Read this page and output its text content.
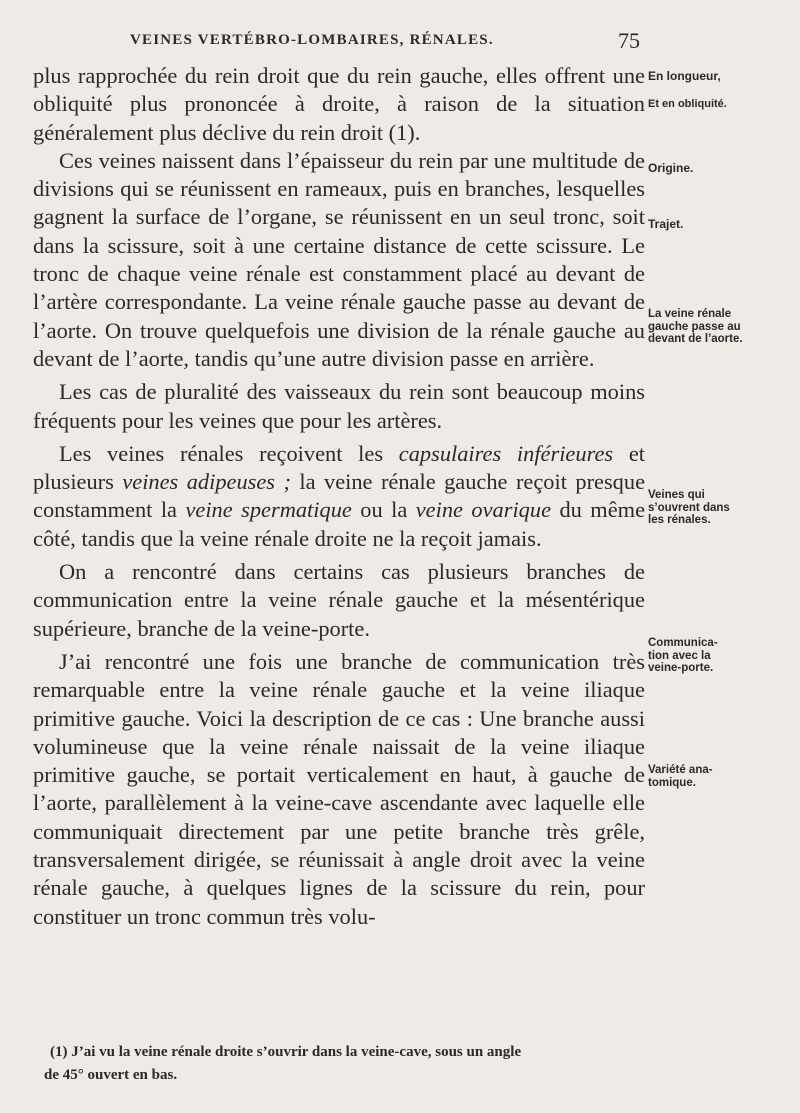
VEINES VERTÉBRO-LOMBAIRES, RÉNALES.	75

plus rapprochée du rein droit que du rein gauche, elles offrent une obliquité plus prononcée à droite, à raison de la situation généralement plus déclive du rein droit (1).

Ces veines naissent dans l’épaisseur du rein par une multitude de divisions qui se réunissent en rameaux, puis en branches, lesquelles gagnent la surface de l’organe, se réunissent en un seul tronc, soit dans la scissure, soit à une certaine distance de cette scissure. Le tronc de chaque veine rénale est constamment placé au devant de l’artère correspondante. La veine rénale gauche passe au devant de l’aorte. On trouve quelquefois une division de la rénale gauche au devant de l’aorte, tandis qu’une autre division passe en arrière.

Les cas de pluralité des vaisseaux du rein sont beaucoup moins fréquents pour les veines que pour les artères.

Les veines rénales reçoivent les capsulaires inférieures et plusieurs veines adipeuses ; la veine rénale gauche reçoit presque constamment la veine spermatique ou la veine ovarique du même côté, tandis que la veine rénale droite ne la reçoit jamais.

On a rencontré dans certains cas plusieurs branches de communication entre la veine rénale gauche et la mésentérique supérieure, branche de la veine-porte.

J’ai rencontré une fois une branche de communication très remarquable entre la veine rénale gauche et la veine iliaque primitive gauche. Voici la description de ce cas : Une branche aussi volumineuse que la veine rénale naissait de la veine iliaque primitive gauche, se portait verticalement en haut, à gauche de l’aorte, parallèlement à la veine-cave ascendante avec laquelle elle communiquait directement par une petite branche très grêle, transversalement dirigée, se réunissait à angle droit avec la veine rénale gauche, à quelques lignes de la scissure du rein, pour constituer un tronc commun très volu-

En longueur,
Et en obliquité.
Origine.
Trajet.
La veine rénale
gauche passe au
devant de l’aorte.
Veines qui
s’ouvrent dans
les rénales.
Communica-
tion avec la
veine-porte.
Variété ana-
tomique.

(1) J’ai vu la veine rénale droite s’ouvrir dans la veine-cave, sous un angle

de 45° ouvert en bas.
